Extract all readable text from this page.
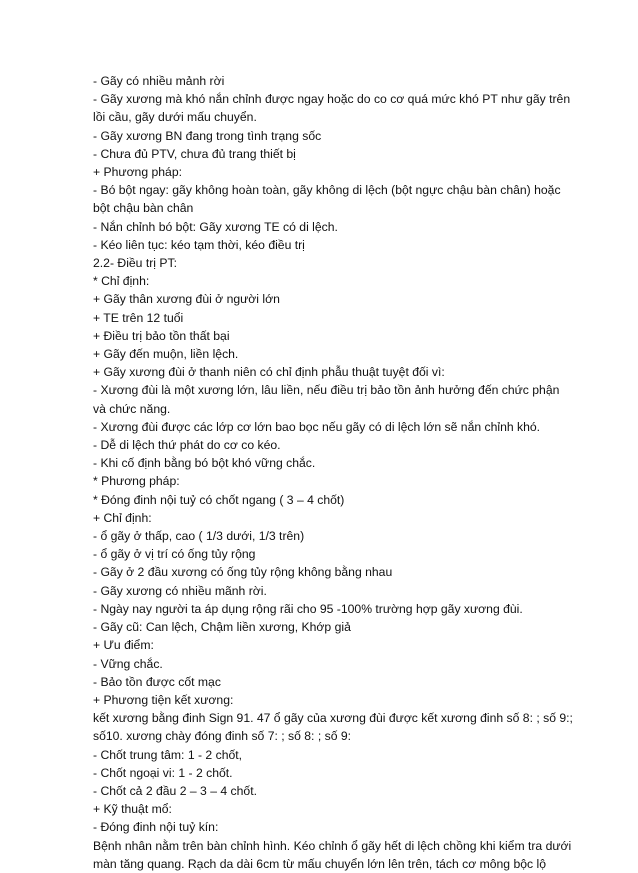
- Gãy có nhiều mảnh rời
- Gãy xương mà khó nắn chỉnh được ngay hoặc do co cơ quá mức khó PT như gãy trên
lồi cầu, gãy dưới mấu chuyển.
- Gãy xương BN đang trong tình trạng sốc
- Chưa đủ PTV, chưa đủ trang thiết bị
+ Phương pháp:
- Bó bột ngay: gãy không hoàn toàn, gãy không di lệch (bột ngực chậu bàn chân) hoặc
bột chậu bàn chân
- Nắn chỉnh bó bột: Gãy xương TE có di lệch.
- Kéo liên tục: kéo tạm thời, kéo điều trị
2.2- Điều trị PT:
* Chỉ định:
+ Gãy thân xương đùi ở người lớn
+ TE trên 12 tuổi
+ Điều trị bảo tồn thất bại
+ Gãy đến muộn, liền lệch.
+ Gãy xương đùi ở thanh niên có chỉ định phẫu thuật tuyệt đối vì:
- Xương đùi là một xương lớn, lâu liền, nếu điều trị bảo tồn ảnh hưởng đến chức phận
và chức năng.
- Xương đùi được các lớp cơ lớn bao bọc nếu gãy có di lệch lớn sẽ nắn chỉnh khó.
- Dễ di lệch thứ phát do cơ co kéo.
- Khi cố định bằng bó bột khó vững chắc.
* Phương pháp:
* Đóng đinh nội tuỷ có chốt ngang ( 3 – 4 chốt)
+ Chỉ định:
- ổ gãy ở thấp, cao ( 1/3 dưới, 1/3 trên)
- ổ gãy ở vị trí có ống tủy rộng
- Gãy ở 2 đầu xương có ống tủy rộng không bằng nhau
- Gãy xương có nhiều mãnh rời.
- Ngày nay người ta áp dụng rộng rãi cho 95 -100% trường hợp gãy xương đùi.
- Gãy cũ: Can lệch, Chậm liền xương, Khớp giả
+ Ưu điểm:
- Vững chắc.
- Bảo tồn được cốt mạc
+ Phương tiện kết xương:
kết xương bằng đinh Sign 91. 47 ổ gãy của xương đùi được kết xương đinh số 8: ; số 9:;
số10. xương chày đóng đinh số 7: ; số 8: ; số 9:
- Chốt trung tâm: 1 - 2 chốt,
- Chốt ngoại vi: 1 - 2 chốt.
- Chốt cả 2 đầu 2 – 3 – 4 chốt.
+ Kỹ thuật mổ:
- Đóng đinh nội tuỷ kín:
Bệnh nhân nằm trên bàn chỉnh hình. Kéo chỉnh ổ gãy hết di lệch chồng khi kiểm tra dưới
màn tăng quang. Rạch da dài 6cm từ mấu chuyển lớn lên trên, tách cơ mông bộc lộ
